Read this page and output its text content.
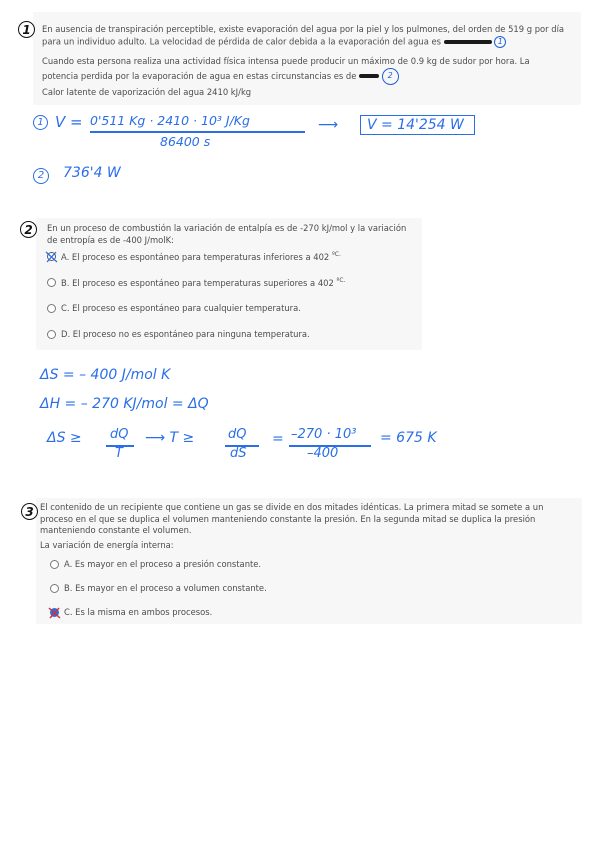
1	En ausencia de transpiración perceptible, existe evaporación del agua por la piel y los pulmones, del orden de 519 g por día para un individuo adulto. La velocidad de pérdida de calor debida a la evaporación del agua es	1
Cuando esta persona realiza una actividad física intensa puede producir un máximo de 0.9 kg de sudor por hora. La potencia perdida por la evaporación de agua en estas circunstancias es de	2
Calor latente de vaporización del agua 2410 kJ/kg
1 V = 0'511 Kg · 2410 · 10³ J/Kg
86400 s
⟶	V = 14'254 W
2	736'4 W
2	En un proceso de combustión la variación de entalpía es de -270 kJ/mol y la variación de entropía es de -400 J/molK:
A. El proceso es espontáneo para temperaturas inferiores a 402 $^{ºC.}$
B. El proceso es espontáneo para temperaturas superiores a 402 $^{ºC.}$
C. El proceso es espontáneo para cualquier temperatura.
D. El proceso no es espontáneo para ninguna temperatura.
ΔS = – 400 J/mol K
ΔH = – 270 KJ/mol = ΔQ
ΔS ≥ dQ
T
⟶ T ≥	dQ
dS
= –270 · 10³
–400
= 675 K
3 El contenido de un recipiente que contiene un gas se divide en dos mitades idénticas. La primera mitad se somete a un proceso en el que se duplica el volumen manteniendo constante la presión. En la segunda mitad se duplica la presión manteniendo constante el volumen.
La variación de energía interna:
A. Es mayor en el proceso a presión constante.
B. Es mayor en el proceso a volumen constante.
C. Es la misma en ambos procesos.
